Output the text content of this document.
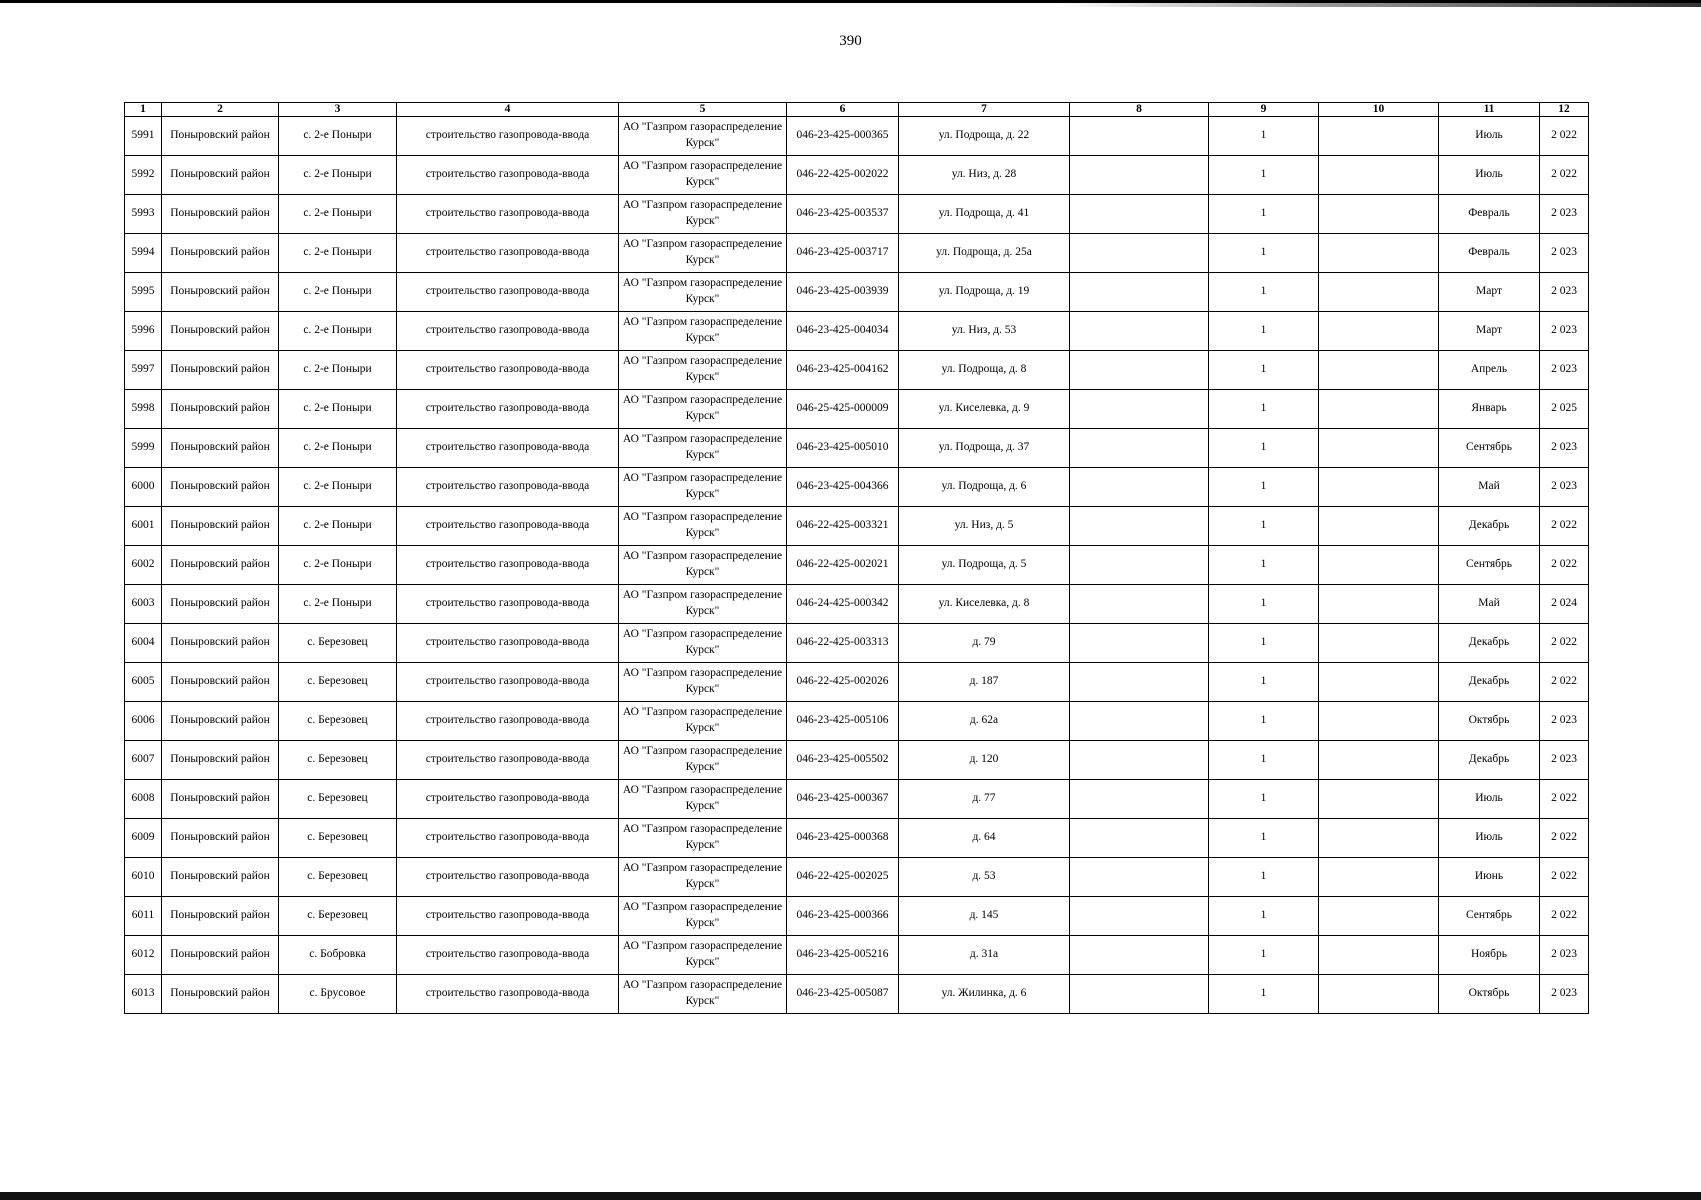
390
1	2	3	4	5	6	7	8	9	10	11	12
5991	Поныровский район	с. 2-е Поныри	строительство газопровода-ввода	АО "Газпром газораспределение Курск"	046-23-425-000365	ул. Подроща, д. 22		1		Июль	2 022
5992	Поныровский район	с. 2-е Поныри	строительство газопровода-ввода	АО "Газпром газораспределение Курск"	046-22-425-002022	ул. Низ, д. 28		1		Июль	2 022
5993	Поныровский район	с. 2-е Поныри	строительство газопровода-ввода	АО "Газпром газораспределение Курск"	046-23-425-003537	ул. Подроща, д. 41		1		Февраль	2 023
5994	Поныровский район	с. 2-е Поныри	строительство газопровода-ввода	АО "Газпром газораспределение Курск"	046-23-425-003717	ул. Подроща, д. 25а		1		Февраль	2 023
5995	Поныровский район	с. 2-е Поныри	строительство газопровода-ввода	АО "Газпром газораспределение Курск"	046-23-425-003939	ул. Подроща, д. 19		1		Март	2 023
5996	Поныровский район	с. 2-е Поныри	строительство газопровода-ввода	АО "Газпром газораспределение Курск"	046-23-425-004034	ул. Низ, д. 53		1		Март	2 023
5997	Поныровский район	с. 2-е Поныри	строительство газопровода-ввода	АО "Газпром газораспределение Курск"	046-23-425-004162	ул. Подроща, д. 8		1		Апрель	2 023
5998	Поныровский район	с. 2-е Поныри	строительство газопровода-ввода	АО "Газпром газораспределение Курск"	046-25-425-000009	ул. Киселевка, д. 9		1		Январь	2 025
5999	Поныровский район	с. 2-е Поныри	строительство газопровода-ввода	АО "Газпром газораспределение Курск"	046-23-425-005010	ул. Подроща, д. 37		1		Сентябрь	2 023
6000	Поныровский район	с. 2-е Поныри	строительство газопровода-ввода	АО "Газпром газораспределение Курск"	046-23-425-004366	ул. Подроща, д. 6		1		Май	2 023
6001	Поныровский район	с. 2-е Поныри	строительство газопровода-ввода	АО "Газпром газораспределение Курск"	046-22-425-003321	ул. Низ, д. 5		1		Декабрь	2 022
6002	Поныровский район	с. 2-е Поныри	строительство газопровода-ввода	АО "Газпром газораспределение Курск"	046-22-425-002021	ул. Подроща, д. 5		1		Сентябрь	2 022
6003	Поныровский район	с. 2-е Поныри	строительство газопровода-ввода	АО "Газпром газораспределение Курск"	046-24-425-000342	ул. Киселевка, д. 8		1		Май	2 024
6004	Поныровский район	с. Березовец	строительство газопровода-ввода	АО "Газпром газораспределение Курск"	046-22-425-003313	д. 79		1		Декабрь	2 022
6005	Поныровский район	с. Березовец	строительство газопровода-ввода	АО "Газпром газораспределение Курск"	046-22-425-002026	д. 187		1		Декабрь	2 022
6006	Поныровский район	с. Березовец	строительство газопровода-ввода	АО "Газпром газораспределение Курск"	046-23-425-005106	д. 62а		1		Октябрь	2 023
6007	Поныровский район	с. Березовец	строительство газопровода-ввода	АО "Газпром газораспределение Курск"	046-23-425-005502	д. 120		1		Декабрь	2 023
6008	Поныровский район	с. Березовец	строительство газопровода-ввода	АО "Газпром газораспределение Курск"	046-23-425-000367	д. 77		1		Июль	2 022
6009	Поныровский район	с. Березовец	строительство газопровода-ввода	АО "Газпром газораспределение Курск"	046-23-425-000368	д. 64		1		Июль	2 022
6010	Поныровский район	с. Березовец	строительство газопровода-ввода	АО "Газпром газораспределение Курск"	046-22-425-002025	д. 53		1		Июнь	2 022
6011	Поныровский район	с. Березовец	строительство газопровода-ввода	АО "Газпром газораспределение Курск"	046-23-425-000366	д. 145		1		Сентябрь	2 022
6012	Поныровский район	с. Бобровка	строительство газопровода-ввода	АО "Газпром газораспределение Курск"	046-23-425-005216	д. 31а		1		Ноябрь	2 023
6013	Поныровский район	с. Брусовое	строительство газопровода-ввода	АО "Газпром газораспределение Курск"	046-23-425-005087	ул. Жилинка, д. 6		1		Октябрь	2 023
